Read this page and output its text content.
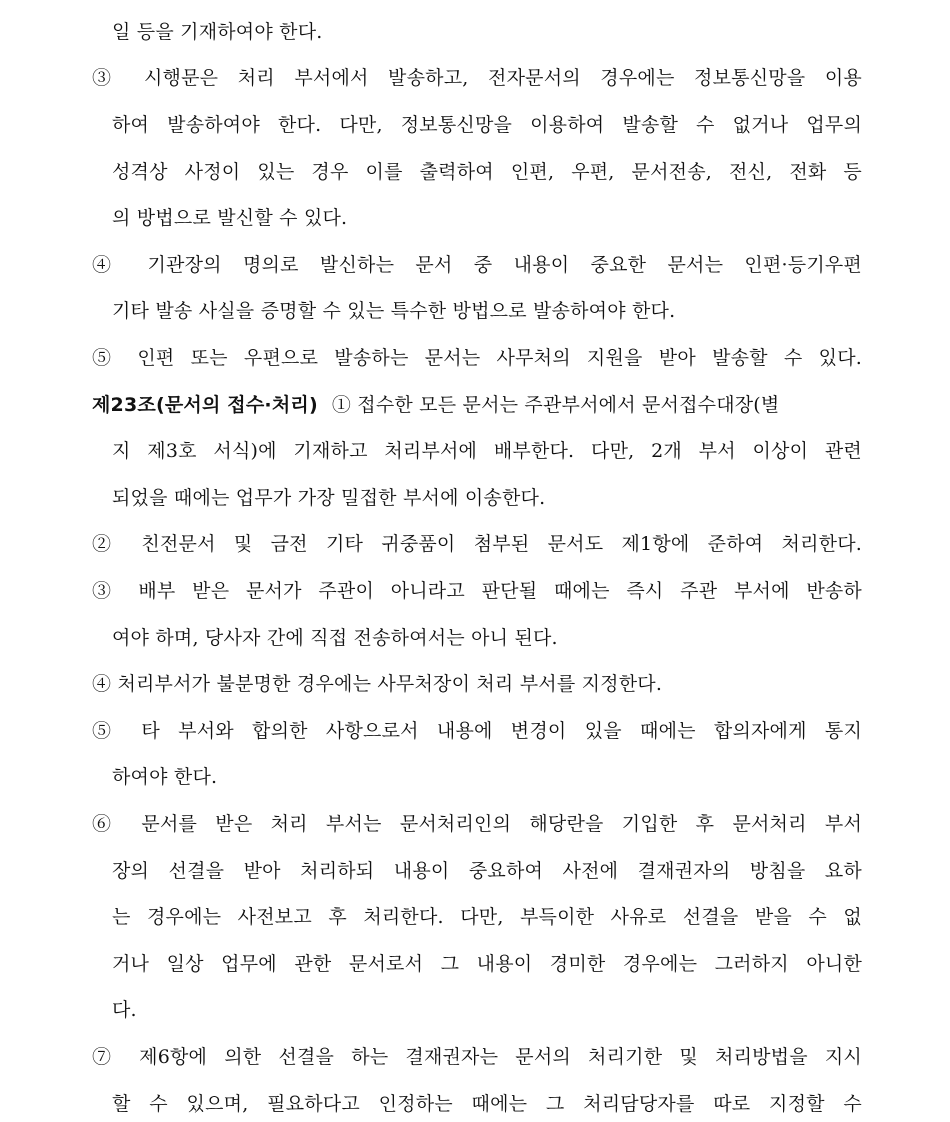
일 등을 기재하여야 한다.
③ 시행문은 처리 부서에서 발송하고, 전자문서의 경우에는 정보통신망을 이용
하여 발송하여야 한다. 다만, 정보통신망을 이용하여 발송할 수 없거나 업무의
성격상 사정이 있는 경우 이를 출력하여 인편, 우편, 문서전송, 전신, 전화 등
의 방법으로 발신할 수 있다.
④ 기관장의 명의로 발신하는 문서 중 내용이 중요한 문서는 인편·등기우편
기타 발송 사실을 증명할 수 있는 특수한 방법으로 발송하여야 한다.
⑤ 인편 또는 우편으로 발송하는 문서는 사무처의 지원을 받아 발송할 수 있다.
제23조(문서의 접수·처리) ① 접수한 모든 문서는 주관부서에서 문서접수대장(별
지 제3호 서식)에 기재하고 처리부서에 배부한다. 다만, 2개 부서 이상이 관련
되었을 때에는 업무가 가장 밀접한 부서에 이송한다.
② 친전문서 및 금전 기타 귀중품이 첨부된 문서도 제1항에 준하여 처리한다.
③ 배부 받은 문서가 주관이 아니라고 판단될 때에는 즉시 주관 부서에 반송하
여야 하며, 당사자 간에 직접 전송하여서는 아니 된다.
④ 처리부서가 불분명한 경우에는 사무처장이 처리 부서를 지정한다.
⑤ 타 부서와 합의한 사항으로서 내용에 변경이 있을 때에는 합의자에게 통지
하여야 한다.
⑥ 문서를 받은 처리 부서는 문서처리인의 해당란을 기입한 후 문서처리 부서
장의 선결을 받아 처리하되 내용이 중요하여 사전에 결재권자의 방침을 요하
는 경우에는 사전보고 후 처리한다. 다만, 부득이한 사유로 선결을 받을 수 없
거나 일상 업무에 관한 문서로서 그 내용이 경미한 경우에는 그러하지 아니한
다.
⑦ 제6항에 의한 선결을 하는 결재권자는 문서의 처리기한 및 처리방법을 지시
할 수 있으며, 필요하다고 인정하는 때에는 그 처리담당자를 따로 지정할 수
